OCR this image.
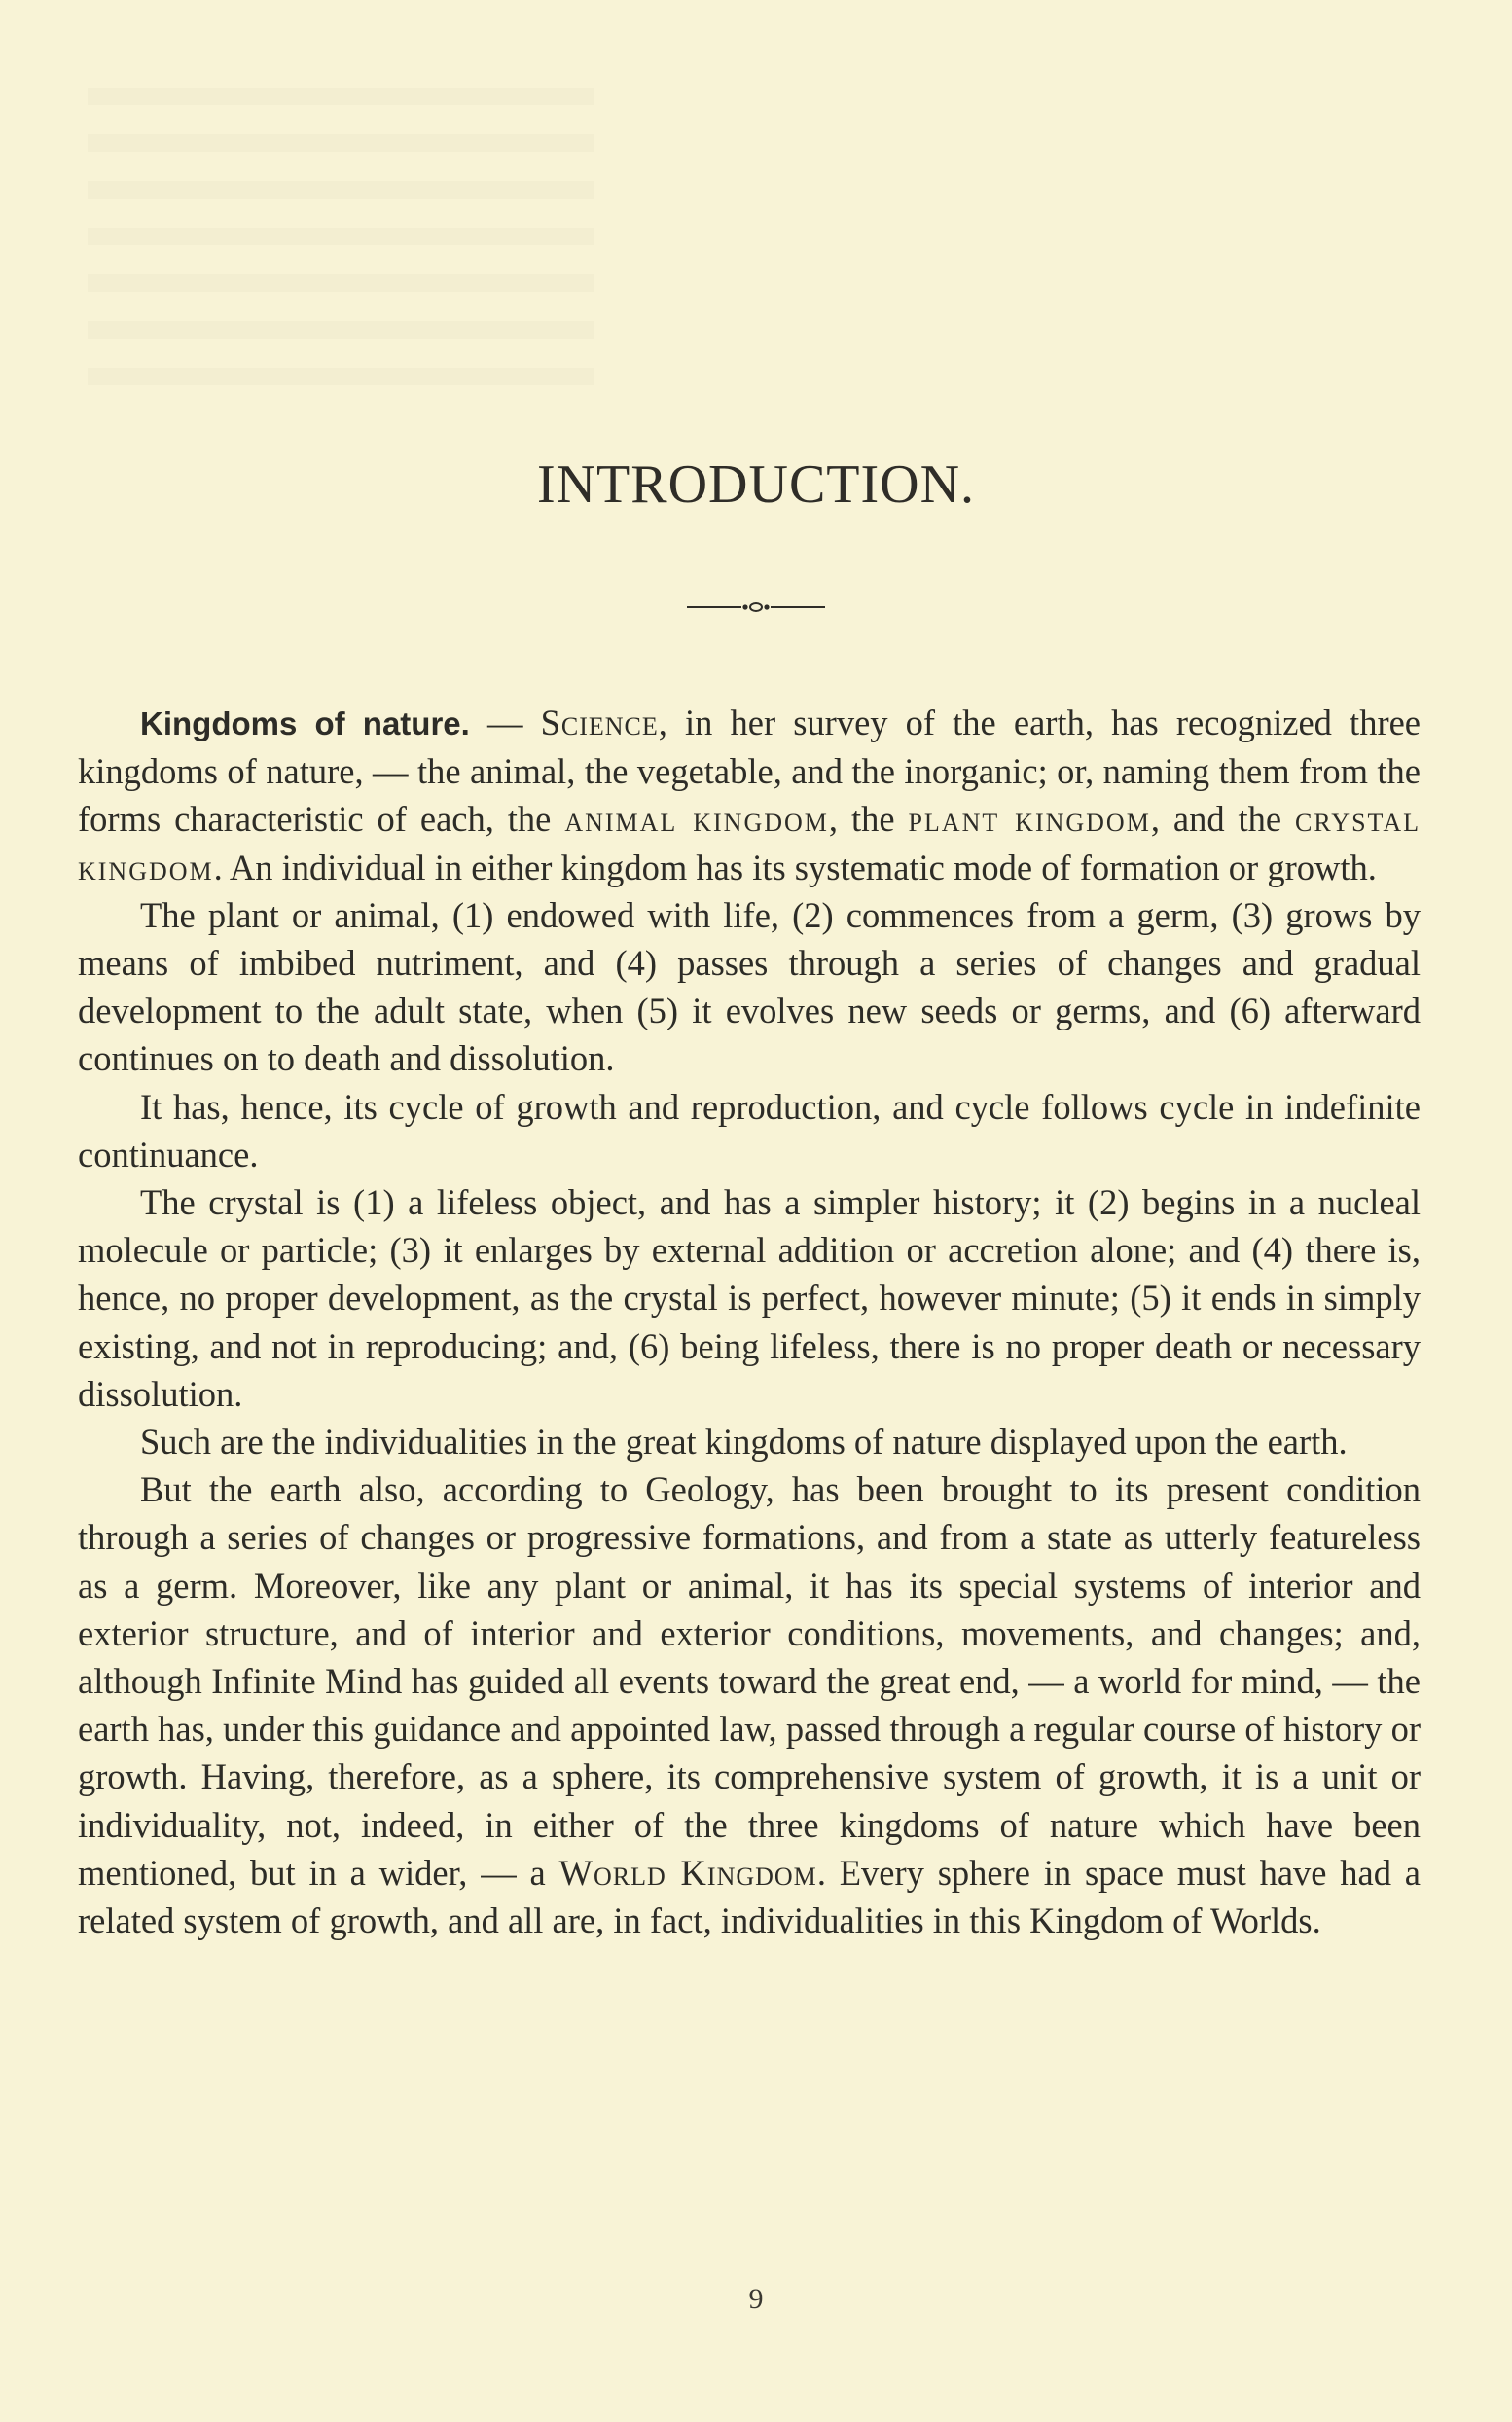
INTRODUCTION.

Kingdoms of nature. — Science, in her survey of the earth, has recognized three kingdoms of nature, — the animal, the vegetable, and the inorganic; or, naming them from the forms characteristic of each, the animal kingdom, the plant kingdom, and the crystal kingdom. An individual in either kingdom has its systematic mode of formation or growth.

The plant or animal, (1) endowed with life, (2) commences from a germ, (3) grows by means of imbibed nutriment, and (4) passes through a series of changes and gradual development to the adult state, when (5) it evolves new seeds or germs, and (6) afterward continues on to death and dissolution.

It has, hence, its cycle of growth and reproduction, and cycle follows cycle in indefinite continuance.

The crystal is (1) a lifeless object, and has a simpler history; it (2) begins in a nucleal molecule or particle; (3) it enlarges by external addition or accretion alone; and (4) there is, hence, no proper development, as the crystal is perfect, however minute; (5) it ends in simply existing, and not in reproducing; and, (6) being lifeless, there is no proper death or necessary dissolution.

Such are the individualities in the great kingdoms of nature displayed upon the earth.

But the earth also, according to Geology, has been brought to its present condition through a series of changes or progressive formations, and from a state as utterly featureless as a germ. Moreover, like any plant or animal, it has its special systems of interior and exterior structure, and of interior and exterior conditions, movements, and changes; and, although Infinite Mind has guided all events toward the great end, — a world for mind, — the earth has, under this guidance and appointed law, passed through a regular course of history or growth. Having, therefore, as a sphere, its comprehensive system of growth, it is a unit or individuality, not, indeed, in either of the three kingdoms of nature which have been mentioned, but in a wider, — a World Kingdom. Every sphere in space must have had a related system of growth, and all are, in fact, individualities in this Kingdom of Worlds.

9
